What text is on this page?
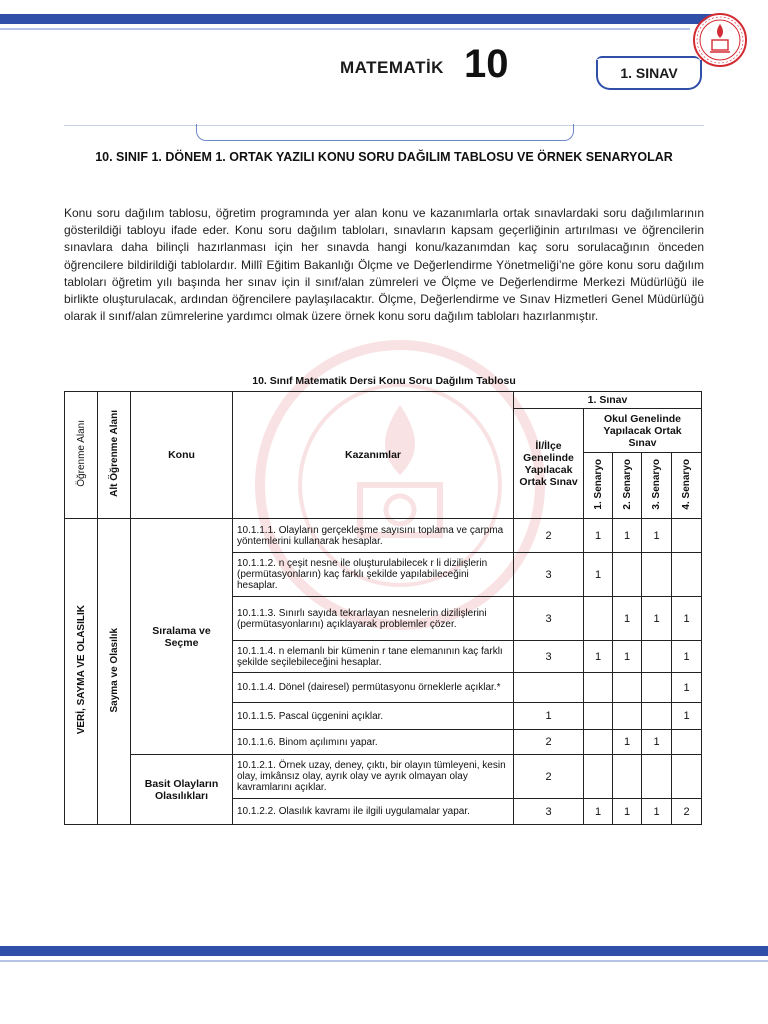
MATEMATİK 10	1. SINAV
10. SINIF 1. DÖNEM 1. ORTAK YAZILI KONU SORU DAĞILIM TABLOSU VE ÖRNEK SENARYOLAR

Konu soru dağılım tablosu, öğretim programında yer alan konu ve kazanımlarla ortak sınavlardaki soru dağılımlarının gösterildiği tabloyu ifade eder. Konu soru dağılım tabloları, sınavların kapsam geçerliğinin artırılması ve öğrencilerin sınavlara daha bilinçli hazırlanması için her sınavda hangi konu/kazanımdan kaç soru sorulacağının önceden öğrencilere bildirildiği tablolardır. Millî Eğitim Bakanlığı Ölçme ve Değerlendirme Yönetmeliği’ne göre konu soru dağılım tabloları öğretim yılı başında her sınav için il sınıf/alan zümreleri ve Ölçme ve Değerlendirme Merkezi Müdürlüğü ile birlikte oluşturulacak, ardından öğrencilere paylaşılacaktır. Ölçme, Değerlendirme ve Sınav Hizmetleri Genel Müdürlüğü olarak il sınıf/alan zümrelerine yardımcı olmak üzere örnek konu soru dağılım tabloları hazırlanmıştır.

10. Sınıf Matematik Dersi Konu Soru Dağılım Tablosu
Öğrenme Alanı	Alt Öğrenme Alanı	Konu	Kazanımlar	1. Sınav				
				İl/İlçe Genelinde Yapılacak Ortak Sınav	Okul Genelinde Yapılacak Ortak Sınav			
					1. Senaryo	2. Senaryo	3. Senaryo	4. Senaryo
VERİ, SAYMA VE OLASILIK	Sayma ve Olasılık	Sıralama ve Seçme	10.1.1.1. Olayların gerçekleşme sayısını toplama ve çarpma yöntemlerini kullanarak hesaplar.	2	1	1	1	
			10.1.1.2. n çeşit nesne ile oluşturulabilecek r li dizilişlerin (permütasyonların) kaç farklı şekilde yapılabileceğini hesaplar.	3	1			
			10.1.1.3. Sınırlı sayıda tekrarlayan nesnelerin dizilişlerini (permütasyonlarını) açıklayarak problemler çözer.	3		1	1	1
			10.1.1.4. n elemanlı bir kümenin r tane elemanının kaç farklı şekilde seçilebileceğini hesaplar.	3	1	1		1
			10.1.1.4. Dönel (dairesel) permütasyonu örneklerle açıklar.*					1
			10.1.1.5. Pascal üçgenini açıklar.	1				1
			10.1.1.6. Binom açılımını yapar.	2		1	1	
		Basit Olayların Olasılıkları	10.1.2.1. Örnek uzay, deney, çıktı, bir olayın tümleyeni, kesin olay, imkânsız olay, ayrık olay ve ayrık olmayan olay kavramlarını açıklar.	2				
			10.1.2.2. Olasılık kavramı ile ilgili uygulamalar yapar.	3	1	1	1	2
